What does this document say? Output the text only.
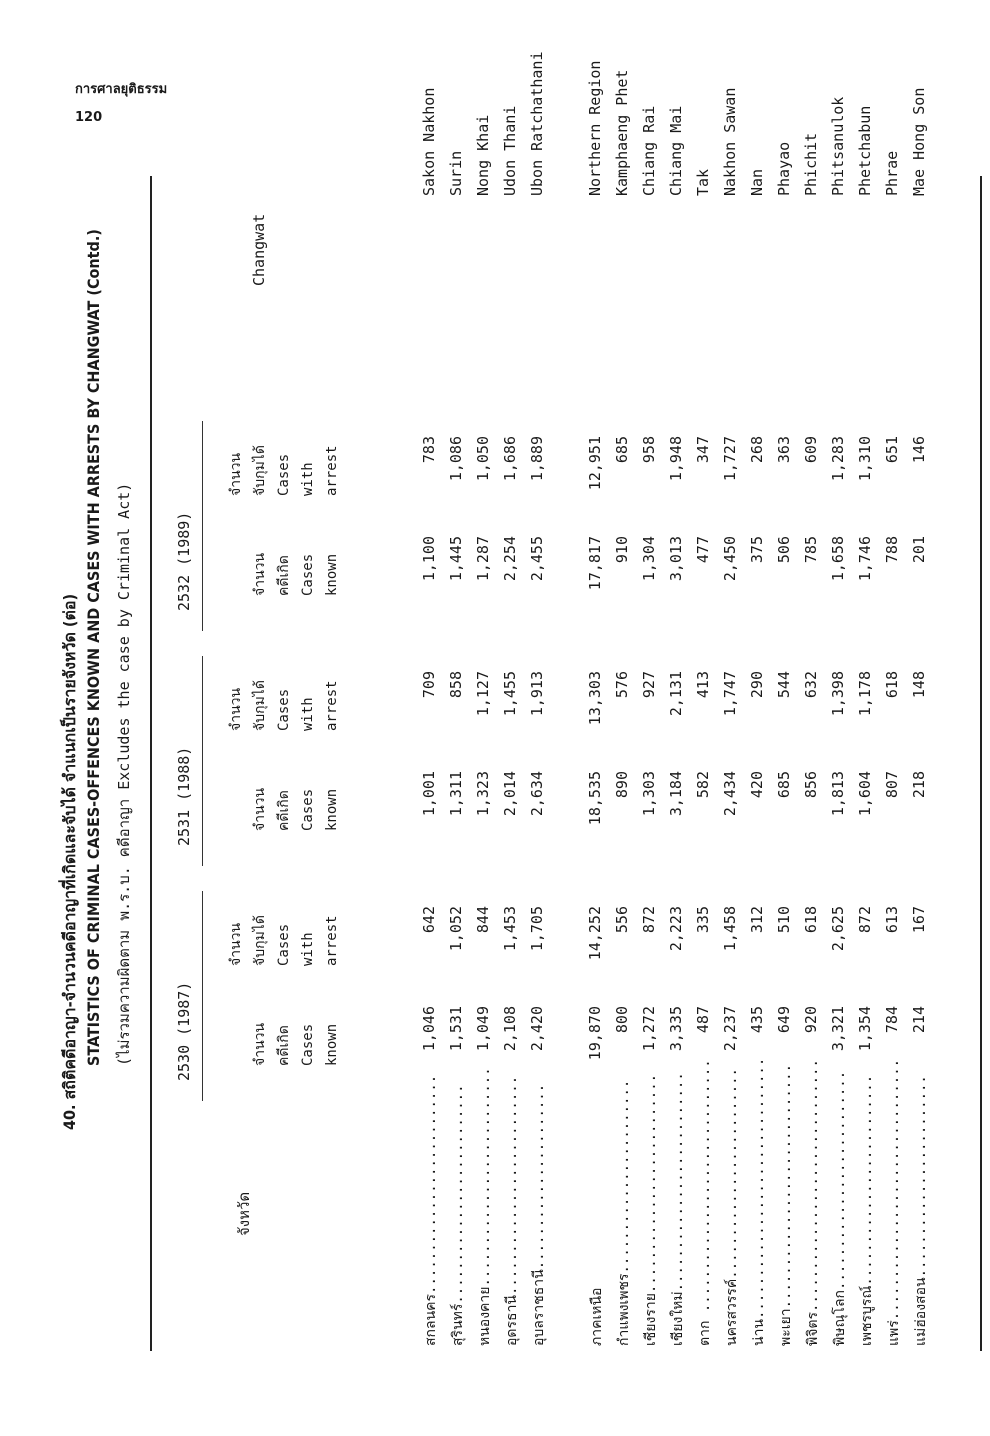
การศาลยุติธรรม
120
40. สถิติคดีอาญา-จำนวนคดีอาญาที่เกิดและจับได้ จำแนกเป็นรายจังหวัด (ต่อ) STATISTICS OF CRIMINAL CASES-OFFENCES KNOWN AND CASES WITH ARRESTS BY CHANGWAT (Contd.) (ไม่รวมความผิดตาม พ.ร.บ. คดีอาญา Excludes the case by Criminal Act)
จังหวัด
Changwat
2530 (1987)
2531 (1988)
2532 (1989)
จำนวน คดีเกิด Cases known
จำนวน จับกุมได้ Cases with arrest
จำนวน คดีเกิด Cases known
จำนวน จับกุมได้ Cases with arrest
จำนวน คดีเกิด Cases known
จำนวน จับกุมได้ Cases with arrest
สกลนคร..........................
1,046
642
1,001
709
1,100
783
Sakon Nakhon
สุรินทร์..........................
1,531
1,052
1,311
858
1,445
1,086
Surin
หนองคาย..........................
1,049
844
1,323
1,127
1,287
1,050
Nong Khai
อุดรธานี..........................
2,108
1,453
2,014
1,455
2,254
1,686
Udon Thani
อุบลราชธานี......................
2,420
1,705
2,634
1,913
2,455
1,889
Ubon Ratchathani
ภาคเหนือ
19,870
14,252
18,535
13,303
17,817
12,951
Northern Region
กำแพงเพชร.......................
800
556
890
576
910
685
Kamphaeng Phet
เชียงราย..........................
1,272
872
1,303
927
1,304
958
Chiang Rai
เชียงใหม่..........................
3,335
2,223
3,184
2,131
3,013
1,948
Chiang Mai
ตาก ..............................
487
335
582
413
477
347
Tak
นครสวรรค์.........................
2,237
1,458
2,434
1,747
2,450
1,727
Nakhon Sawan
น่าน...............................
435
312
420
290
375
268
Nan
พะเยา.............................
649
510
685
544
506
363
Phayao
พิจิตร..............................
920
618
856
632
785
609
Phichit
พิษณุโลก..........................
3,321
2,625
1,813
1,398
1,658
1,283
Phitsanulok
เพชรบูรณ์.........................
1,354
872
1,604
1,178
1,746
1,310
Phetchabun
แพร่...............................
784
613
807
618
788
651
Phrae
แม่ฮ่องสอน........................
214
167
218
148
201
146
Mae Hong Son
